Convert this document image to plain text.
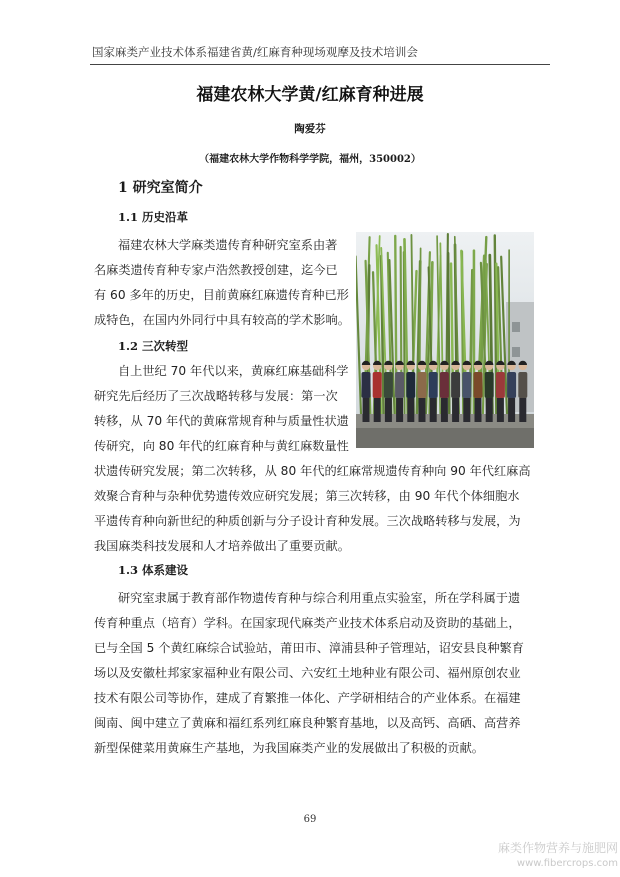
国家麻类产业技术体系福建省黄/红麻育种现场观摩及技术培训会
福建农林大学黄/红麻育种进展
陶爱芬
（福建农林大学作物科学学院，福州，350002）
1 研究室简介
1.1 历史沿革
福建农林大学麻类遗传育种研究室系由著
名麻类遗传育种专家卢浩然教授创建，迄今已
有 60 多年的历史，目前黄麻红麻遗传育种已形
成特色，在国内外同行中具有较高的学术影响。
1.2 三次转型
自上世纪 70 年代以来，黄麻红麻基础科学
研究先后经历了三次战略转移与发展：第一次
转移，从 70 年代的黄麻常规育种与质量性状遗
传研究，向 80 年代的红麻育种与黄红麻数量性
状遗传研究发展；第二次转移，从 80 年代的红麻常规遗传育种向 90 年代红麻高
效聚合育种与杂种优势遗传效应研究发展；第三次转移，由 90 年代个体细胞水
平遗传育种向新世纪的种质创新与分子设计育种发展。三次战略转移与发展，为
我国麻类科技发展和人才培养做出了重要贡献。
1.3 体系建设
研究室隶属于教育部作物遗传育种与综合利用重点实验室，所在学科属于遗
传育种重点（培育）学科。在国家现代麻类产业技术体系启动及资助的基础上，
已与全国 5 个黄红麻综合试验站，莆田市、漳浦县种子管理站，诏安县良种繁育
场以及安徽杜邦家家福种业有限公司、六安红土地种业有限公司、福州原创农业
技术有限公司等协作，建成了育繁推一体化、产学研相结合的产业体系。在福建
闽南、闽中建立了黄麻和福红系列红麻良种繁育基地，以及高钙、高硒、高营养
新型保健菜用黄麻生产基地，为我国麻类产业的发展做出了积极的贡献。
69
麻类作物营养与施肥网
www.fibercrops.com
